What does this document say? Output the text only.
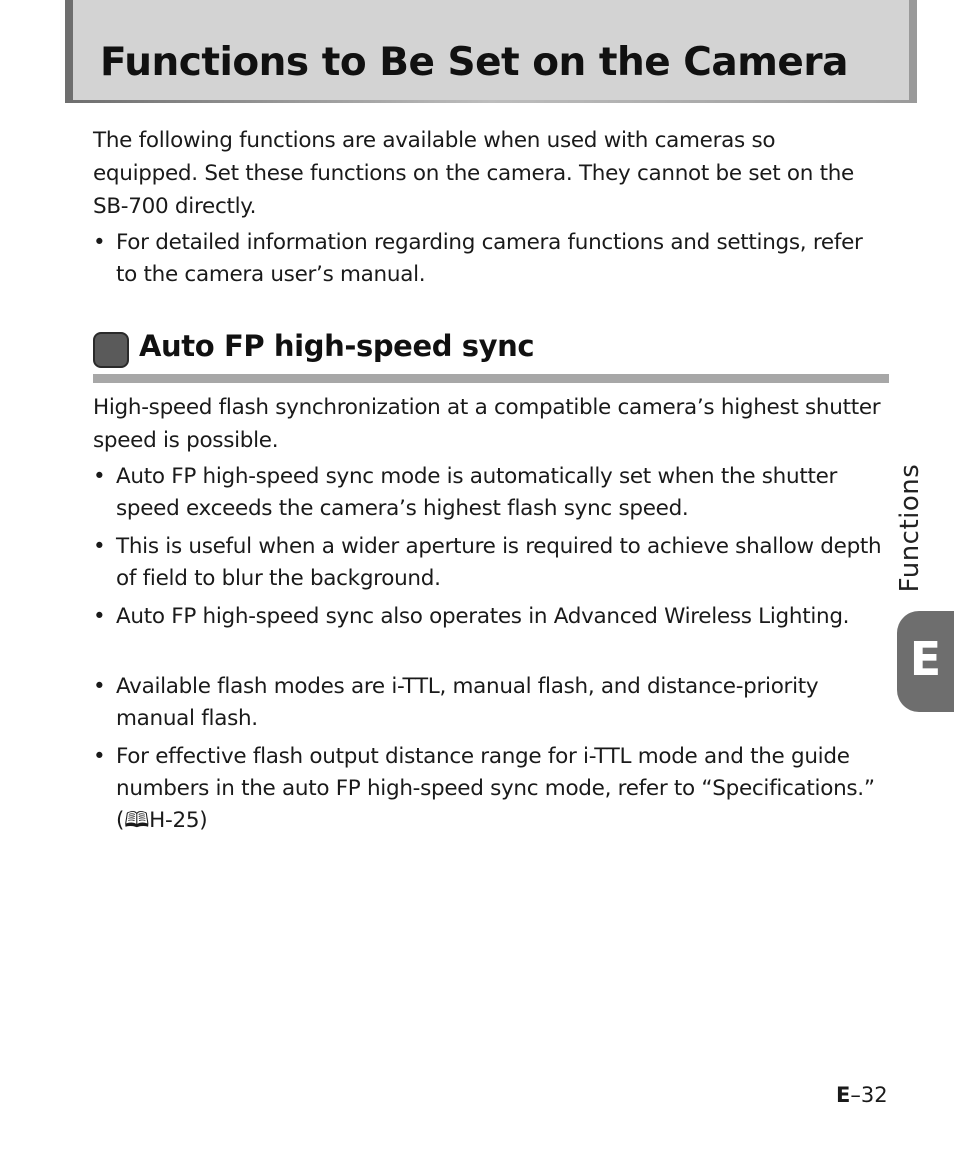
Functions to Be Set on the Camera

The following functions are available when used with cameras so equipped. Set these functions on the camera. They cannot be set on the SB-700 directly.

• For detailed information regarding camera functions and settings, refer to the camera user’s manual.

Auto FP high-speed sync

High-speed flash synchronization at a compatible camera’s highest shutter speed is possible.

• Auto FP high-speed sync mode is automatically set when the shutter speed exceeds the camera’s highest flash sync speed.

• This is useful when a wider aperture is required to achieve shallow depth of field to blur the background.

• Auto FP high-speed sync also operates in Advanced Wireless Lighting.

• Available flash modes are i-TTL, manual flash, and distance-priority manual flash.

• For effective flash output distance range for i-TTL mode and the guide numbers in the auto FP high-speed sync mode, refer to “Specifications.” (🕮H-25)

Functions
E
E–32
